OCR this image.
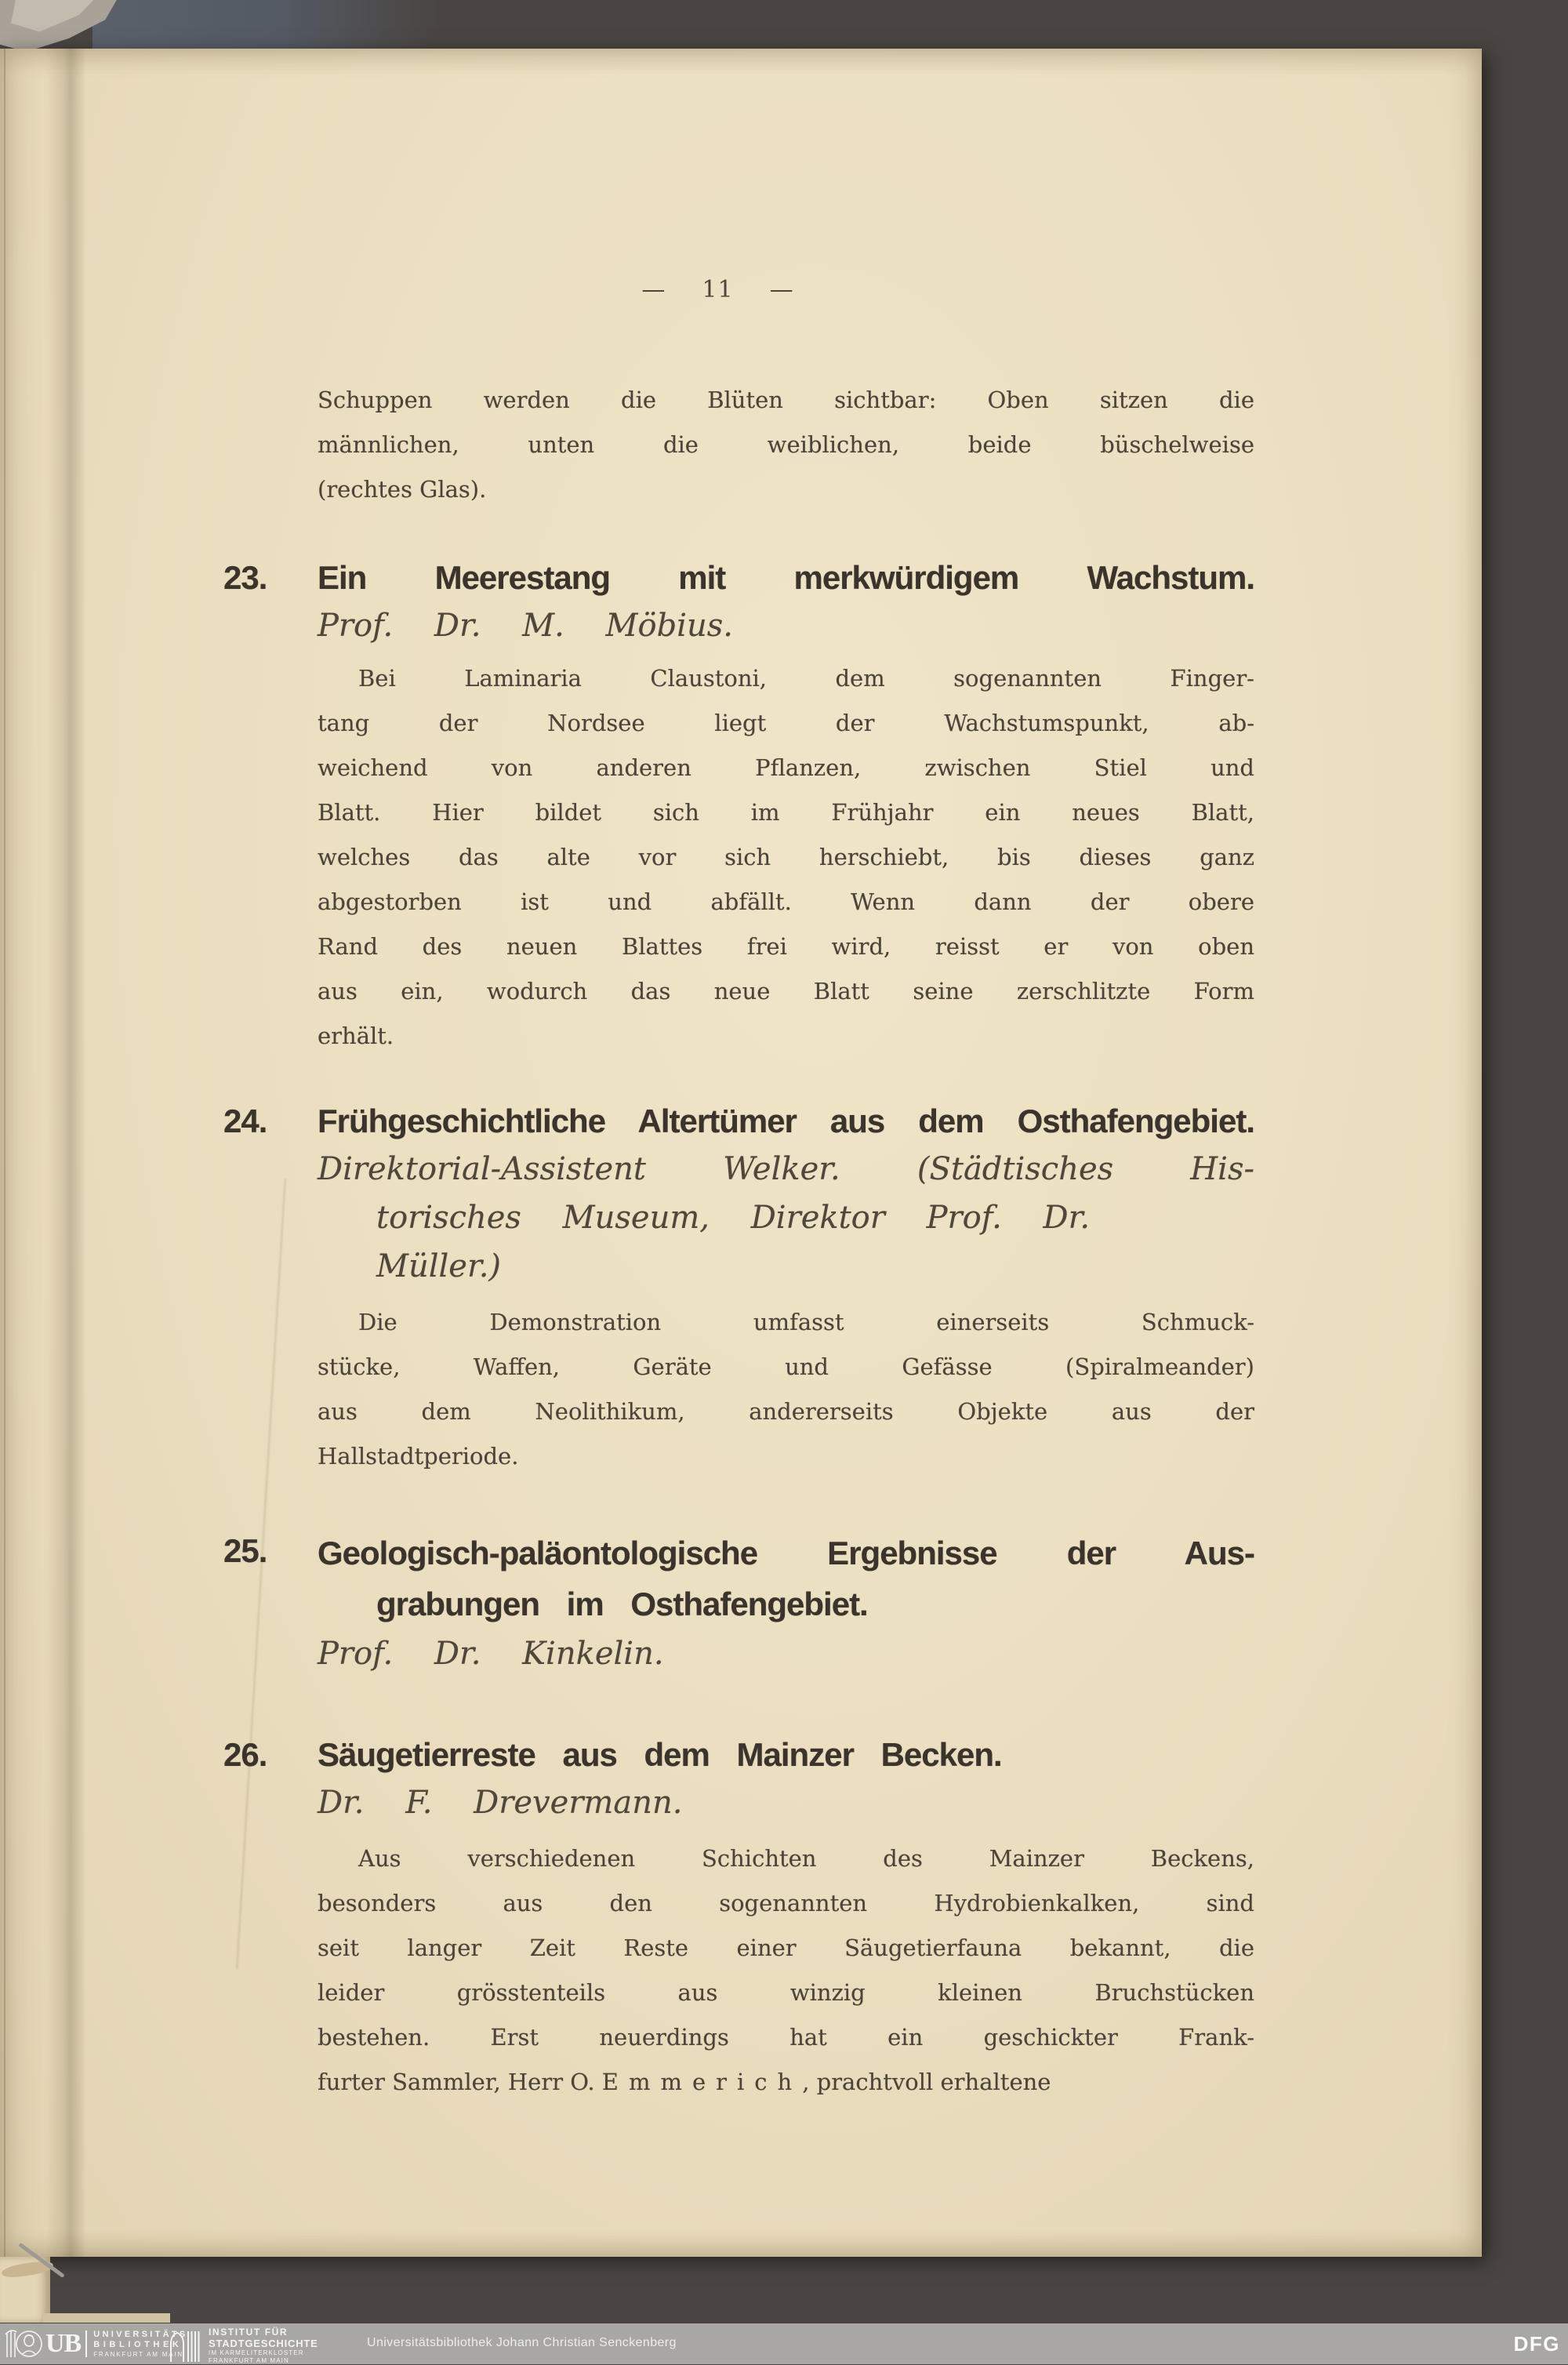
— 11 —
Schuppen werden die Blüten sichtbar: Oben sitzen die
männlichen, unten die weiblichen, beide büschelweise
(rechtes Glas).
23.	Ein Meerestang mit merkwürdigem Wachstum.
Prof. Dr. M. Möbius.
Bei Laminaria Claustoni, dem sogenannten Finger-
tang der Nordsee liegt der Wachstumspunkt, ab-
weichend von anderen Pflanzen, zwischen Stiel und
Blatt. Hier bildet sich im Frühjahr ein neues Blatt,
welches das alte vor sich herschiebt, bis dieses ganz
abgestorben ist und abfällt. Wenn dann der obere
Rand des neuen Blattes frei wird, reisst er von oben
aus ein, wodurch das neue Blatt seine zerschlitzte Form
erhält.
24.	Frühgeschichtliche Altertümer aus dem Osthafengebiet.
Direktorial-Assistent Welker. (Städtisches His-
torisches Museum, Direktor Prof. Dr. Müller.)
Die Demonstration umfasst einerseits Schmuck-
stücke, Waffen, Geräte und Gefässe (Spiralmeander)
aus dem Neolithikum, andererseits Objekte aus der
Hallstadtperiode.
25.	Geologisch-paläontologische Ergebnisse der Aus-
grabungen im Osthafengebiet.
Prof. Dr. Kinkelin.
26.	Säugetierreste aus dem Mainzer Becken.
Dr. F. Drevermann.
Aus verschiedenen Schichten des Mainzer Beckens,
besonders aus den sogenannten Hydrobienkalken, sind
seit langer Zeit Reste einer Säugetierfauna bekannt, die
leider grösstenteils aus winzig kleinen Bruchstücken
bestehen. Erst neuerdings hat ein geschickter Frank-
furter Sammler, Herr O. Emmerich, prachtvoll erhaltene
UB UNIVERSITÄTS
BIBLIOTHEK
FRANKFURT AM MAIN
INSTITUT FÜR
STADTGESCHICHTE
IM KARMELITERKLOSTER
FRANKFURT AM MAIN
Universitätsbibliothek Johann Christian Senckenberg	DFG
